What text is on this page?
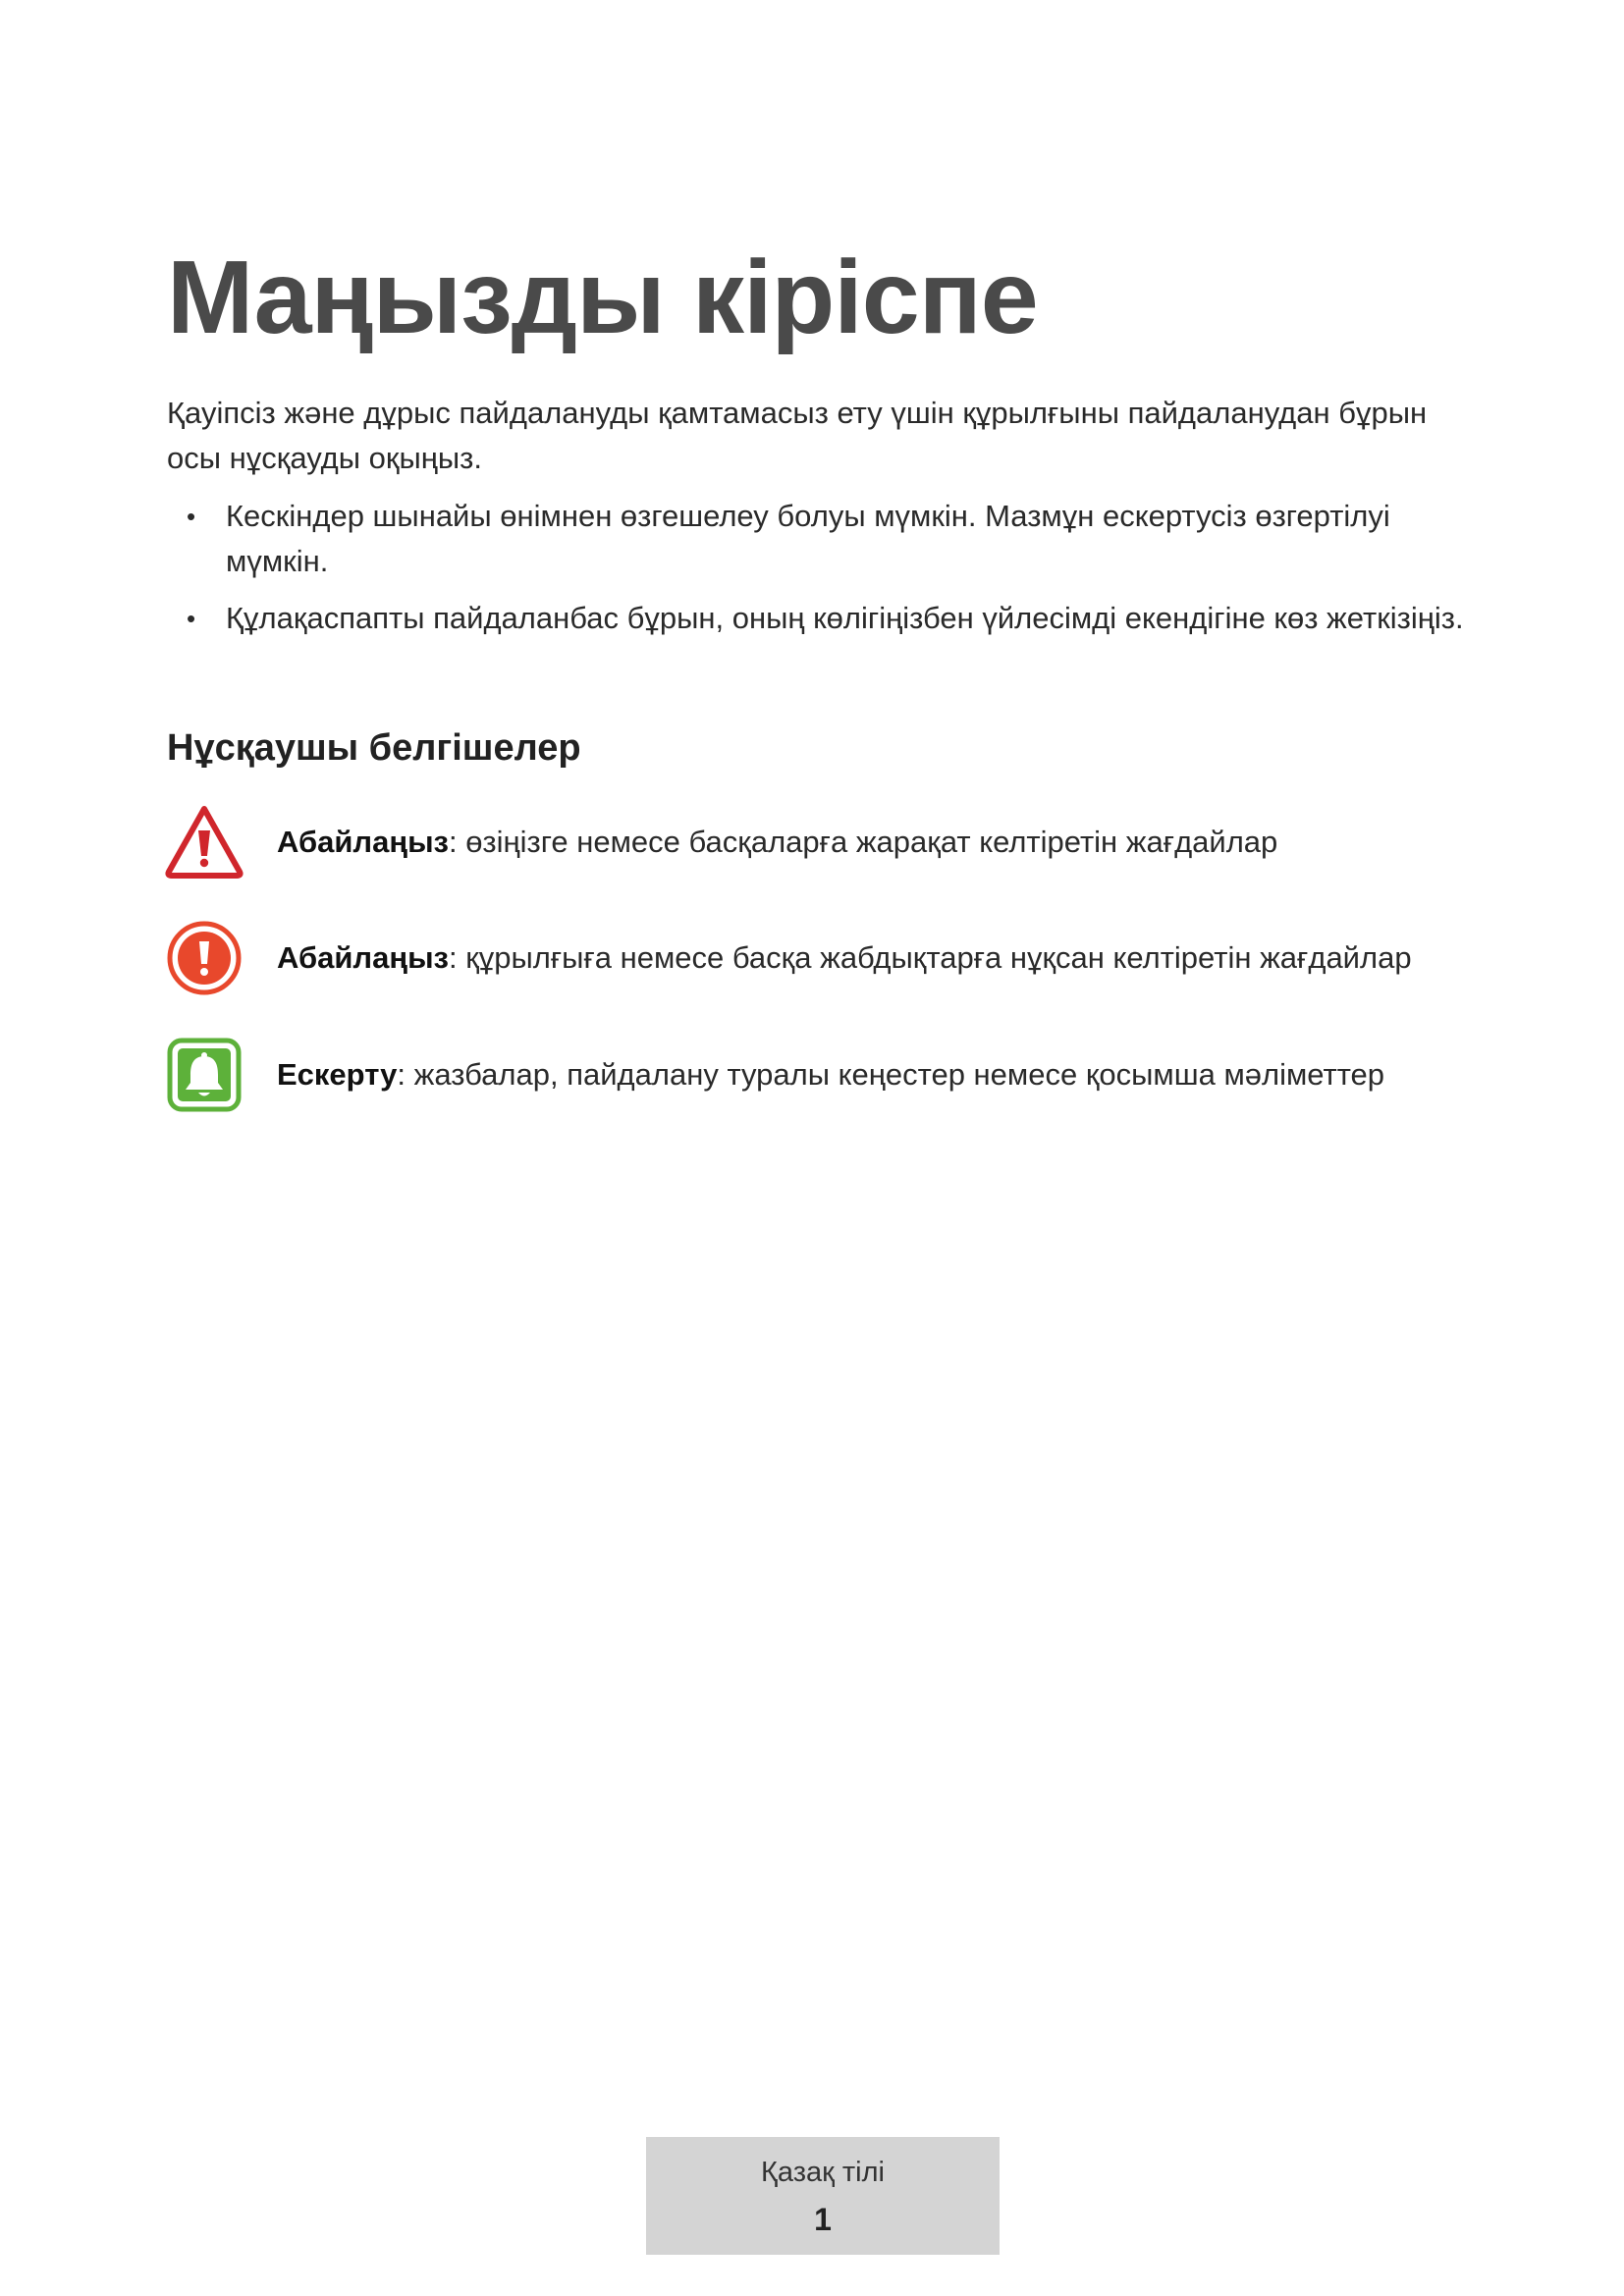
Маңызды кіріспе

Қауіпсіз және дұрыс пайдалануды қамтамасыз ету үшін құрылғыны пайдаланудан бұрын осы нұсқауды оқыңыз.

• Кескіндер шынайы өнімнен өзгешелеу болуы мүмкін. Мазмұн ескертусіз өзгертілуі мүмкін.
• Құлақаспапты пайдаланбас бұрын, оның көлігіңізбен үйлесімді екендігіне көз жеткізіңіз.
Нұсқаушы белгішелер
Абайлаңыз: өзіңізге немесе басқаларға жарақат келтіретін жағдайлар
Абайлаңыз: құрылғыға немесе басқа жабдықтарға нұқсан келтіретін жағдайлар
Ескерту: жазбалар, пайдалану туралы кеңестер немесе қосымша мәліметтер
Қазақ тілі
1
